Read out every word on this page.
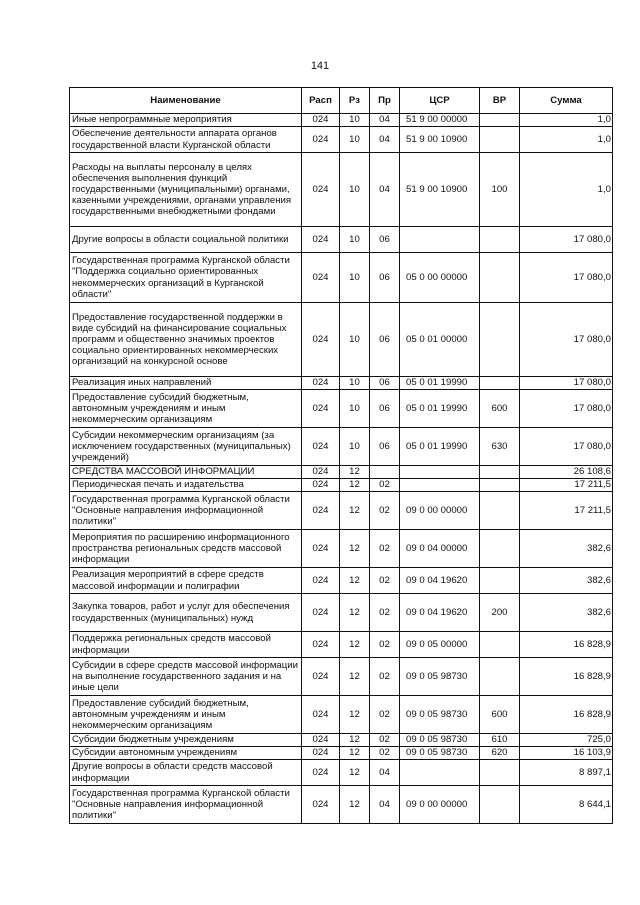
141
Наименование	Расп	Рз	Пр	ЦСР	ВР	Сумма
Иные непрограммные мероприятия	024	10	04	51 9 00 00000		1,0
Обеспечение деятельности аппарата органов государственной власти Курганской области	024	10	04	51 9 00 10900		1,0
Расходы на выплаты персоналу в целях обеспечения выполнения функций государственными (муниципальными) органами, казенными учреждениями, органами управления государственными внебюджетными фондами	024	10	04	51 9 00 10900	100	1,0
Другие вопросы в области социальной политики	024	10	06			17 080,0
Государственная программа Курганской области "Поддержка социально ориентированных некоммерческих организаций в Курганской области"	024	10	06	05 0 00 00000		17 080,0
Предоставление государственной поддержки в виде субсидий на финансирование социальных программ и общественно значимых проектов социально ориентированных некоммерческих организаций на конкурсной основе	024	10	06	05 0 01 00000		17 080,0
Реализация иных направлений	024	10	06	05 0 01 19990		17 080,0
Предоставление субсидий бюджетным, автономным учреждениям и иным некоммерческим организациям	024	10	06	05 0 01 19990	600	17 080,0
Субсидии некоммерческим организациям (за исключением государственных (муниципальных) учреждений)	024	10	06	05 0 01 19990	630	17 080,0
СРЕДСТВА МАССОВОЙ ИНФОРМАЦИИ	024	12				26 108,6
Периодическая печать и издательства	024	12	02			17 211,5
Государственная программа Курганской области "Основные направления информационной политики"	024	12	02	09 0 00 00000		17 211,5
Мероприятия по расширению информационного пространства региональных средств массовой информации	024	12	02	09 0 04 00000		382,6
Реализация мероприятий в сфере средств массовой информации и полиграфии	024	12	02	09 0 04 19620		382,6
Закупка товаров, работ и услуг для обеспечения государственных (муниципальных) нужд	024	12	02	09 0 04 19620	200	382,6
Поддержка региональных средств массовой информации	024	12	02	09 0 05 00000		16 828,9
Субсидии в сфере средств массовой информации на выполнение государственного задания и на иные цели	024	12	02	09 0 05 98730		16 828,9
Предоставление субсидий бюджетным, автономным учреждениям и иным некоммерческим организациям	024	12	02	09 0 05 98730	600	16 828,9
Субсидии бюджетным учреждениям	024	12	02	09 0 05 98730	610	725,0
Субсидии автономным учреждениям	024	12	02	09 0 05 98730	620	16 103,9
Другие вопросы в области средств массовой информации	024	12	04			8 897,1
Государственная программа Курганской области "Основные направления информационной политики"	024	12	04	09 0 00 00000		8 644,1
